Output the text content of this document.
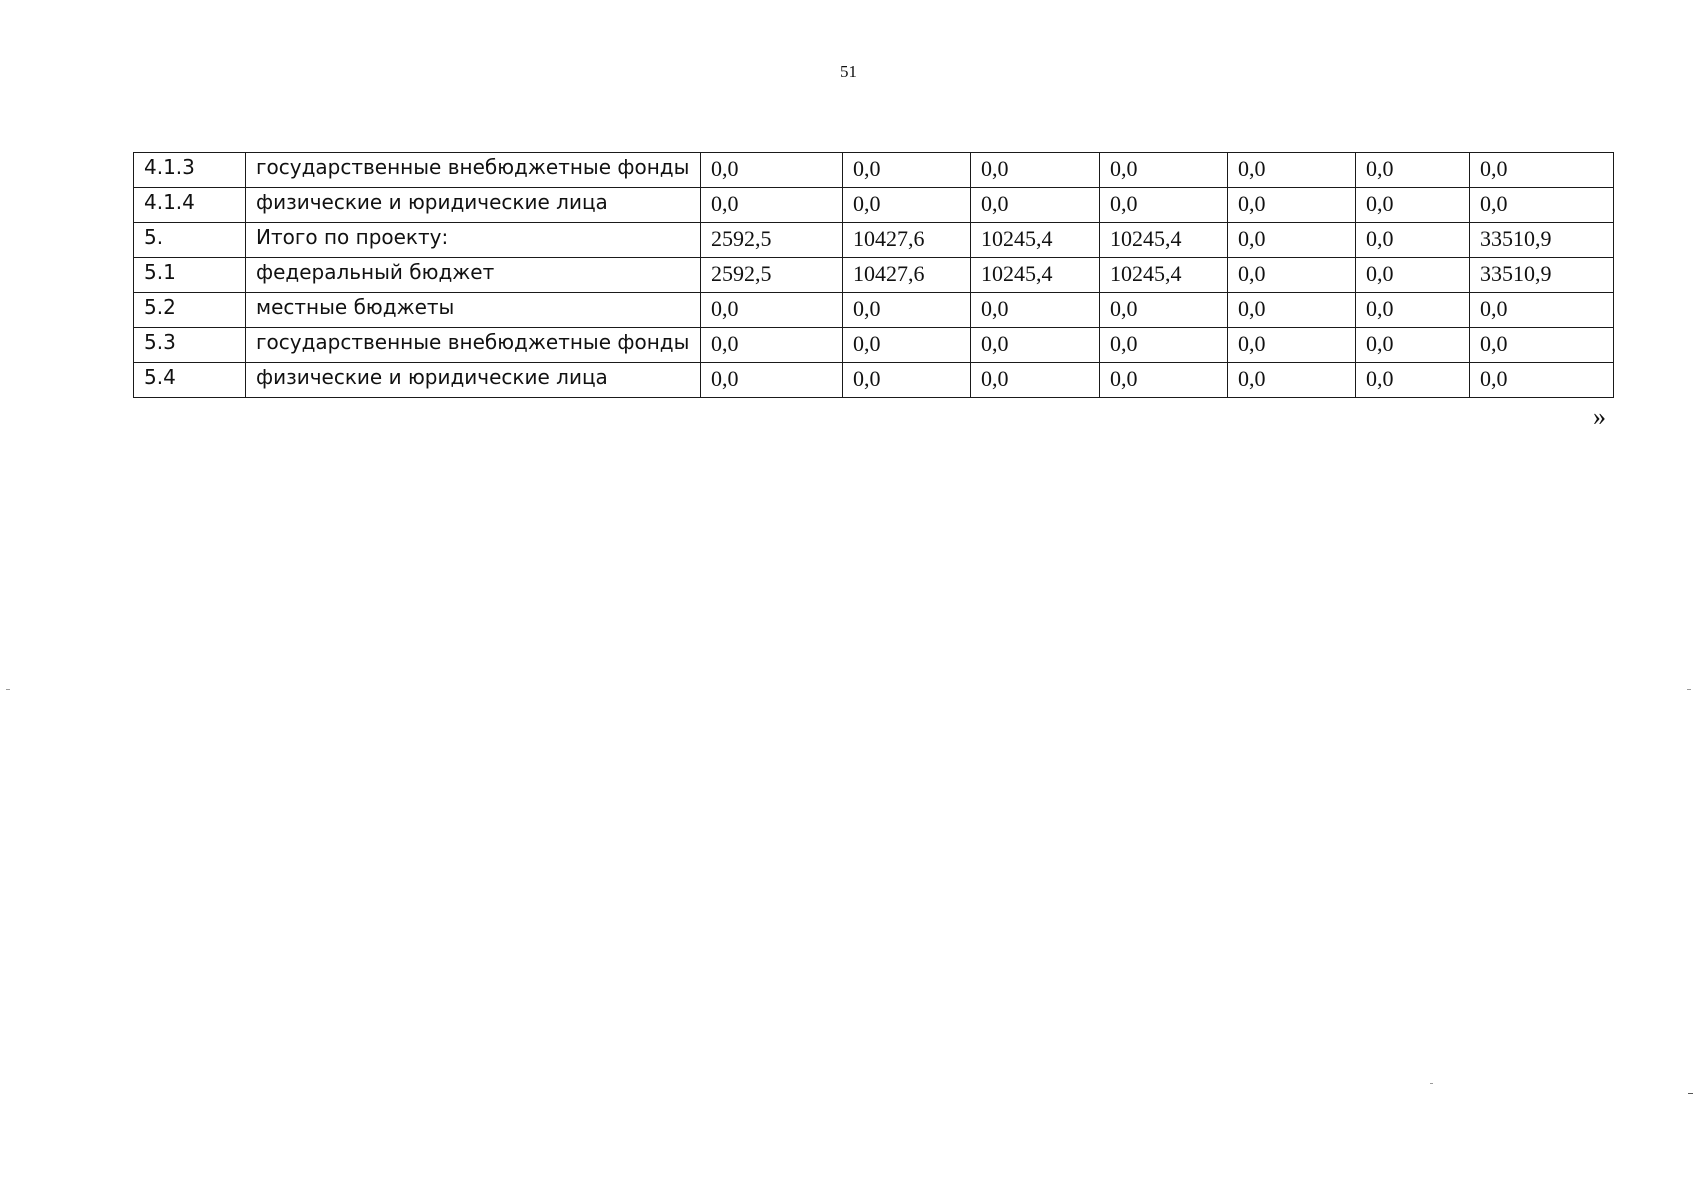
51
4.1.3	государственные внебюджетные фонды	0,0	0,0	0,0	0,0	0,0	0,0	0,0
4.1.4	физические и юридические лица	0,0	0,0	0,0	0,0	0,0	0,0	0,0
5.	Итого по проекту:	2592,5	10427,6	10245,4	10245,4	0,0	0,0	33510,9
5.1	федеральный бюджет	2592,5	10427,6	10245,4	10245,4	0,0	0,0	33510,9
5.2	местные бюджеты	0,0	0,0	0,0	0,0	0,0	0,0	0,0
5.3	государственные внебюджетные фонды	0,0	0,0	0,0	0,0	0,0	0,0	0,0
5.4	физические и юридические лица	0,0	0,0	0,0	0,0	0,0	0,0	0,0
»
